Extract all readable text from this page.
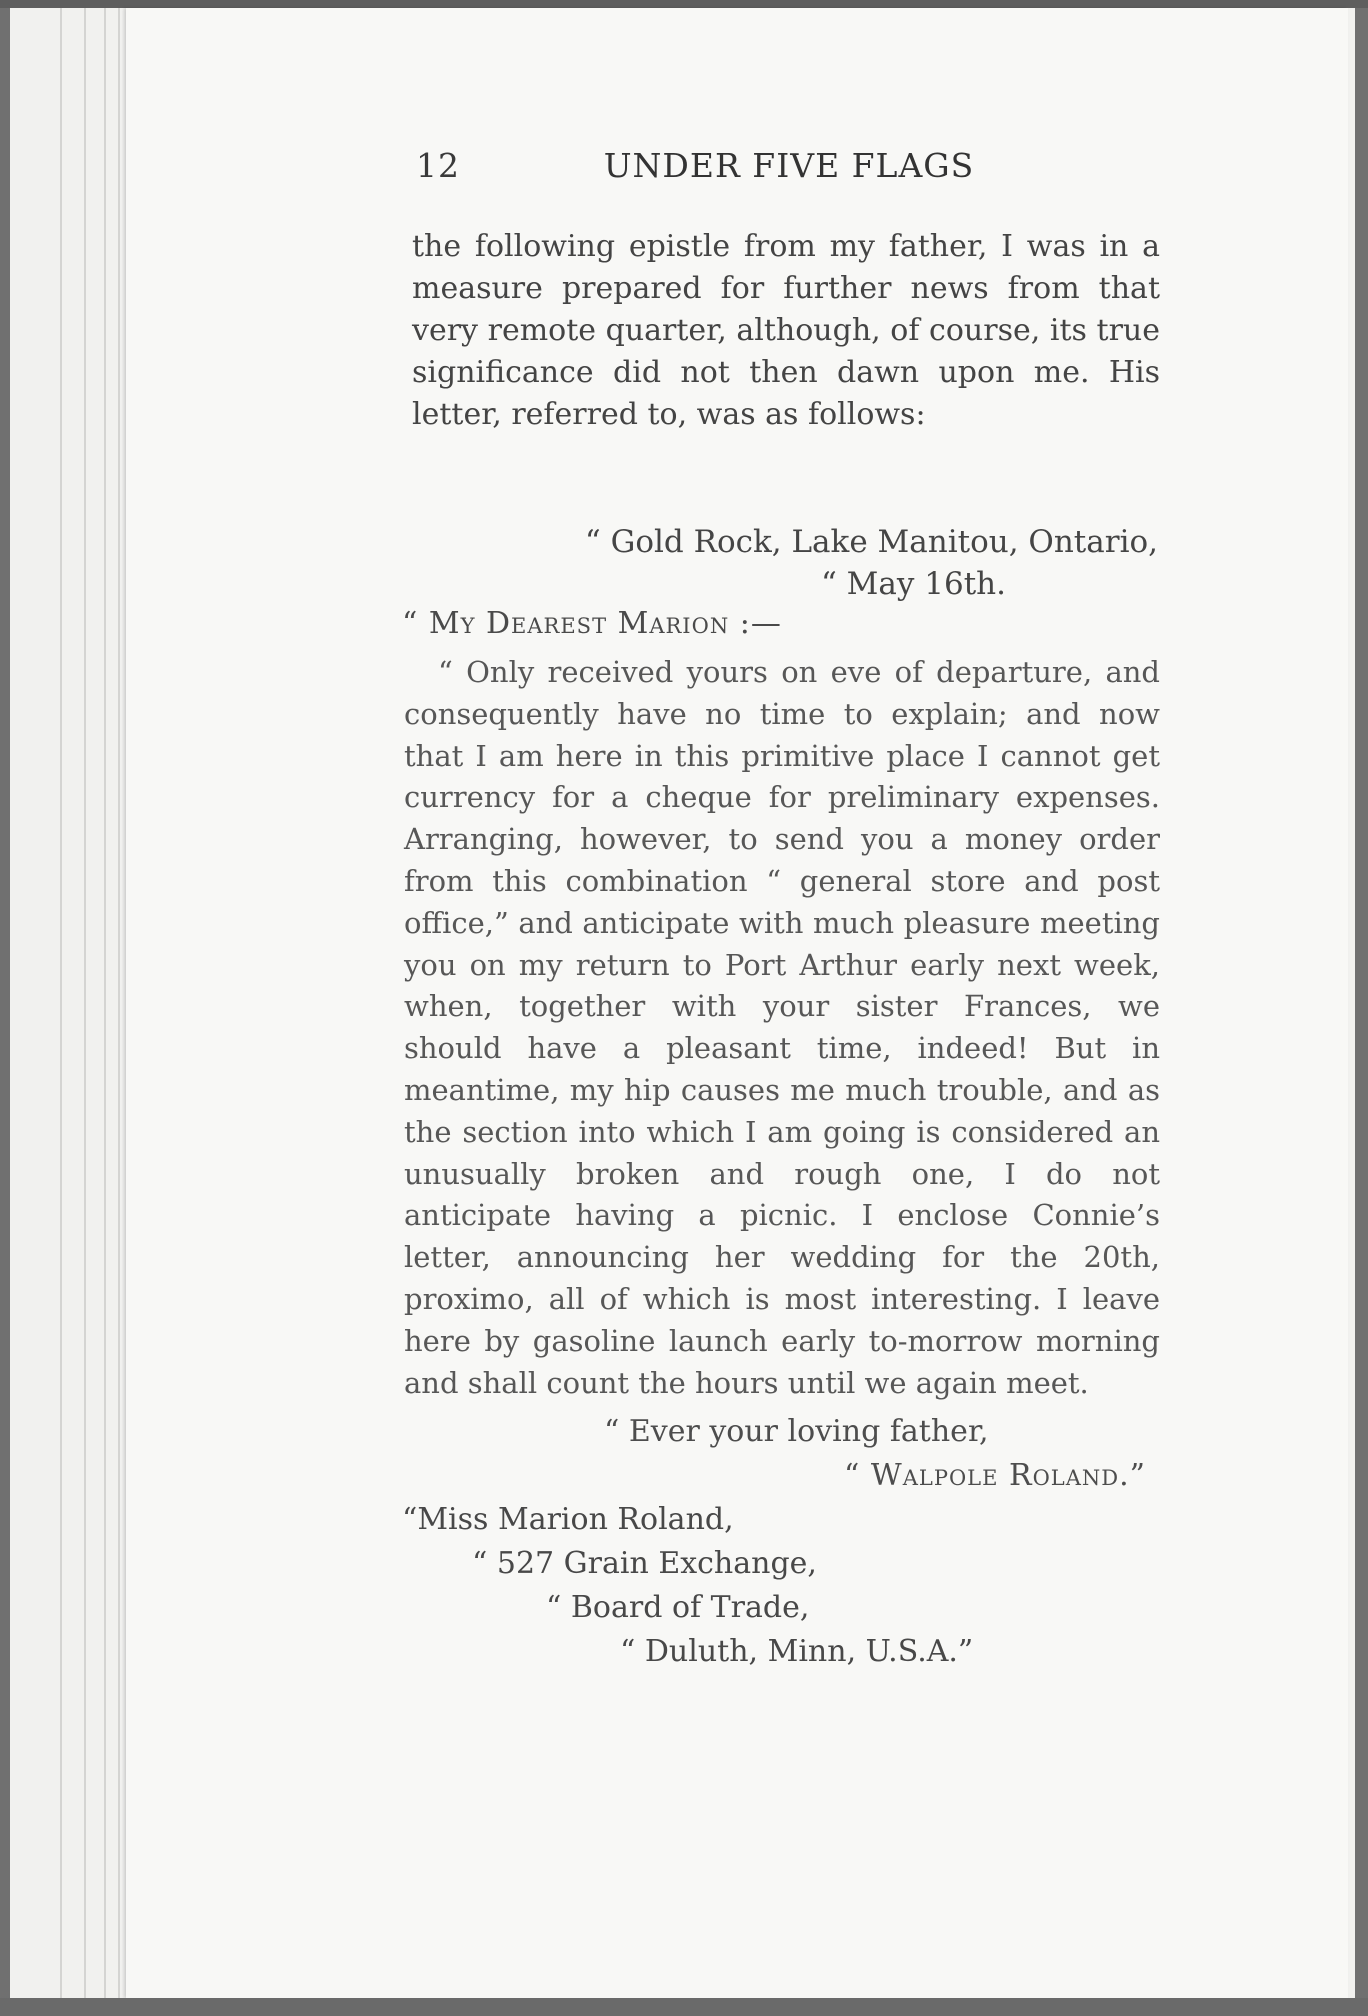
12	UNDER FIVE FLAGS
the following epistle from my father, I was in a measure prepared for further news from that very remote quarter, although, of course, its true significance did not then dawn upon me. His letter, referred to, was as follows:
“ Gold Rock, Lake Manitou, Ontario,
“ May 16th.
“ My Dearest Marion :—
“ Only received yours on eve of departure, and consequently have no time to explain; and now that I am here in this primitive place I cannot get currency for a cheque for preliminary expenses. Arranging, however, to send you a money order from this combination “ general store and post office,” and anticipate with much pleasure meeting you on my return to Port Arthur early next week, when, together with your sister Frances, we should have a pleasant time, indeed! But in meantime, my hip causes me much trouble, and as the section into which I am going is considered an unusually broken and rough one, I do not anticipate having a picnic. I enclose Connie’s letter, announcing her wedding for the 20th, proximo, all of which is most interesting. I leave here by gasoline launch early to-morrow morning and shall count the hours until we again meet.
“ Ever your loving father,
“ Walpole Roland.”
“Miss Marion Roland,
“ 527 Grain Exchange,
“ Board of Trade,
“ Duluth, Minn, U.S.A.”
